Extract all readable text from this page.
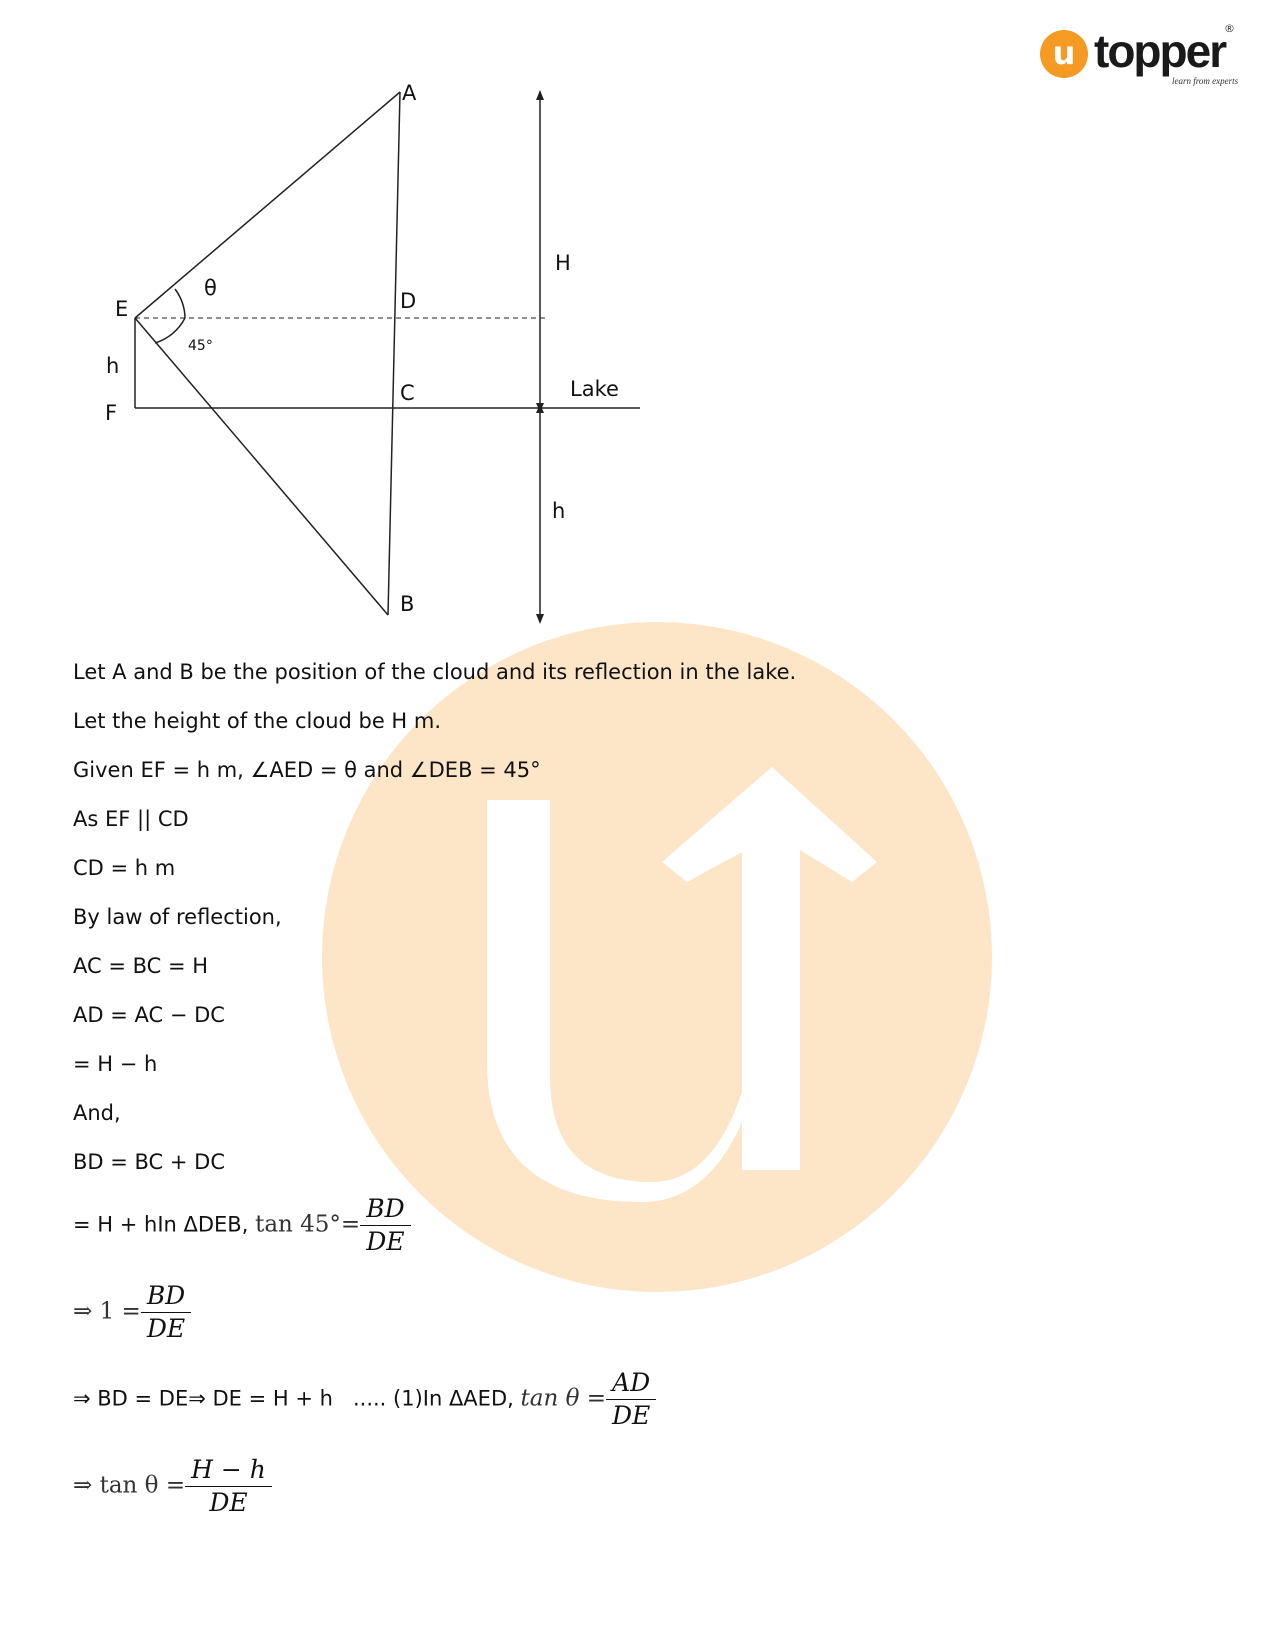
u topper
learn from experts
®
A
B
C
D
E
F
θ
45°
h
H
Lake
h
Let A and B be the position of the cloud and its reflection in the lake.
Let the height of the cloud be H m.
Given EF = h m, ∠AED = θ and ∠DEB = 45°
As EF || CD
CD = h m
By law of reflection,
AC = BC = H
AD = AC − DC
= H − h
And,
BD = BC + DC
= H + hIn ΔDEB, $\tan 45^\circ= \frac{BD}{DE}$
⇒ $1 = \frac{BD}{DE}$
⇒ BD = DE⇒ DE = H + h   ..... (1)In ΔAED, $\tan \theta = \frac{AD}{DE}$
⇒ $\tan \theta = \frac{H - h}{DE}$
